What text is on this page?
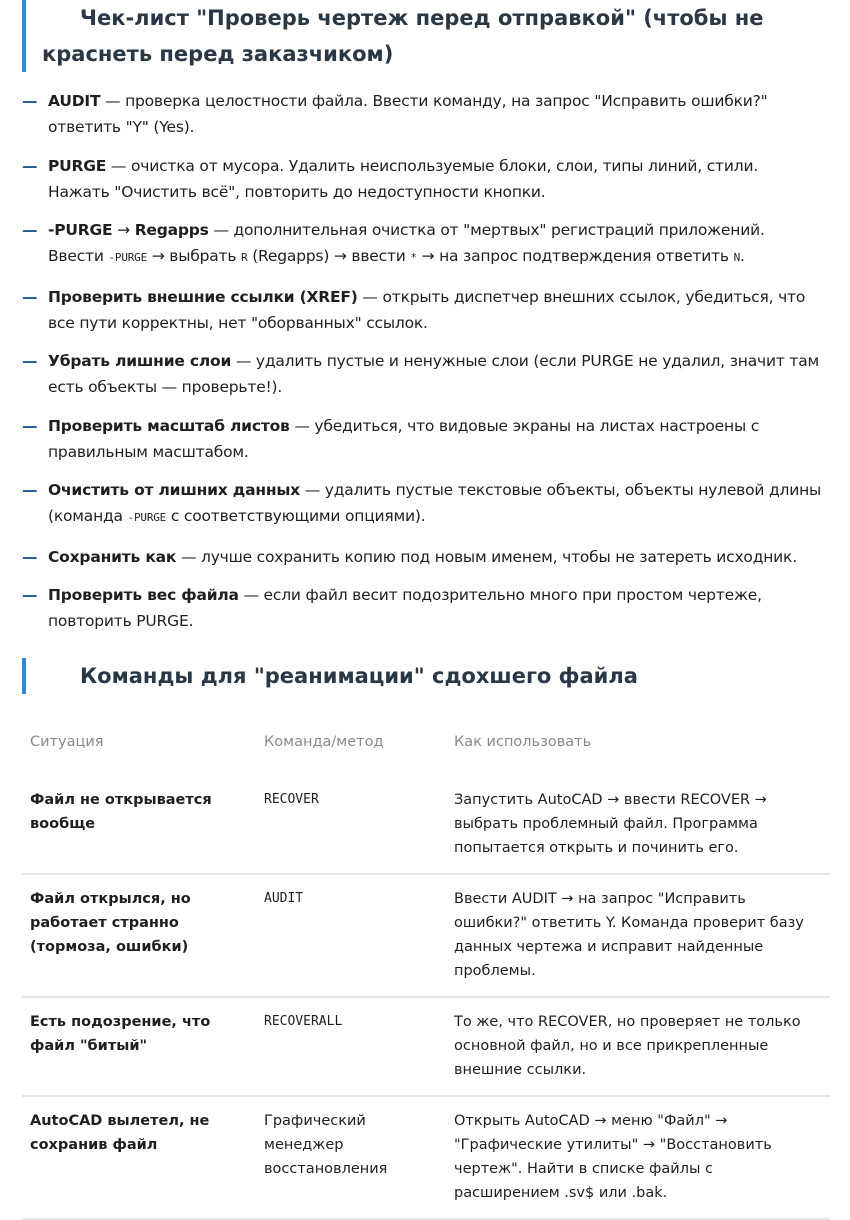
Чек-лист "Проверь чертеж перед отправкой" (чтобы не
краснеть перед заказчиком)
— AUDIT — проверка целостности файла. Ввести команду, на запрос "Исправить ошибки?" ответить "Y" (Yes).
— PURGE — очистка от мусора. Удалить неиспользуемые блоки, слои, типы линий, стили. Нажать "Очистить всё", повторить до недоступности кнопки.
— -PURGE → Regapps — дополнительная очистка от "мертвых" регистраций приложений. Ввести -PURGE → выбрать R (Regapps) → ввести * → на запрос подтверждения ответить N.
— Проверить внешние ссылки (XREF) — открыть диспетчер внешних ссылок, убедиться, что все пути корректны, нет "оборванных" ссылок.
— Убрать лишние слои — удалить пустые и ненужные слои (если PURGE не удалил, значит там есть объекты — проверьте!).
— Проверить масштаб листов — убедиться, что видовые экраны на листах настроены с правильным масштабом.
— Очистить от лишних данных — удалить пустые текстовые объекты, объекты нулевой длины (команда -PURGE с соответствующими опциями).
— Сохранить как — лучше сохранить копию под новым именем, чтобы не затереть исходник.
— Проверить вес файла — если файл весит подозрительно много при простом чертеже, повторить PURGE.
Команды для "реанимации" сдохшего файла
Ситуация	Команда/метод	Как использовать
Файл не открывается вообще	RECOVER	Запустить AutoCAD → ввести RECOVER → выбрать проблемный файл. Программа попытается открыть и починить его.
Файл открылся, но работает странно (тормоза, ошибки)	AUDIT	Ввести AUDIT → на запрос "Исправить ошибки?" ответить Y. Команда проверит базу данных чертежа и исправит найденные проблемы.
Есть подозрение, что файл "битый"	RECOVERALL	То же, что RECOVER, но проверяет не только основной файл, но и все прикрепленные внешние ссылки.
AutoCAD вылетел, не сохранив файл	Графический менеджер восстановления	Открыть AutoCAD → меню "Файл" → "Графические утилиты" → "Восстановить чертеж". Найти в списке файлы с расширением .sv$ или .bak.
